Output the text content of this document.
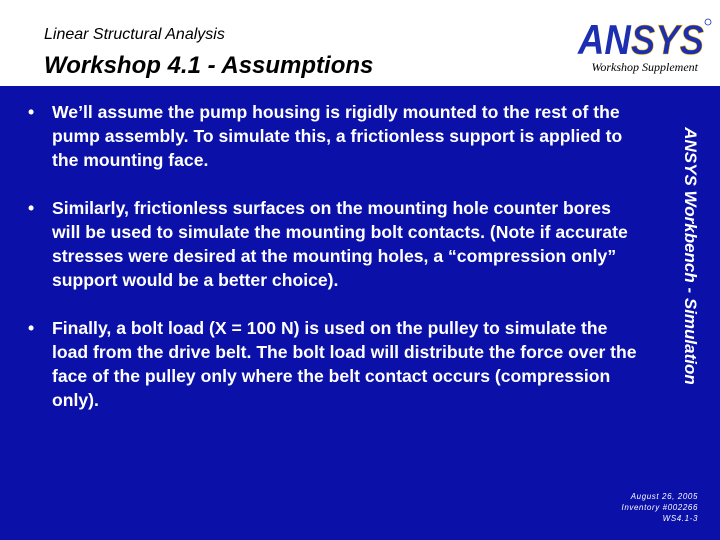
Linear Structural Analysis
Workshop 4.1 - Assumptions
ANSYS
Workshop Supplement
•	We’ll assume the pump housing is rigidly mounted to the rest of the pump assembly. To simulate this, a frictionless support is applied to the mounting face.
•	Similarly, frictionless surfaces on the mounting hole counter bores will be used to simulate the mounting bolt contacts. (Note if accurate stresses were desired at the mounting holes, a “compression only” support would be a better choice).
•	Finally, a bolt load (X = 100 N) is used on the pulley to simulate the load from the drive belt. The bolt load will distribute the force over the face of the pulley only where the belt contact occurs (compression only).
ANSYS Workbench - Simulation
August 26, 2005
Inventory #002266
WS4.1-3
